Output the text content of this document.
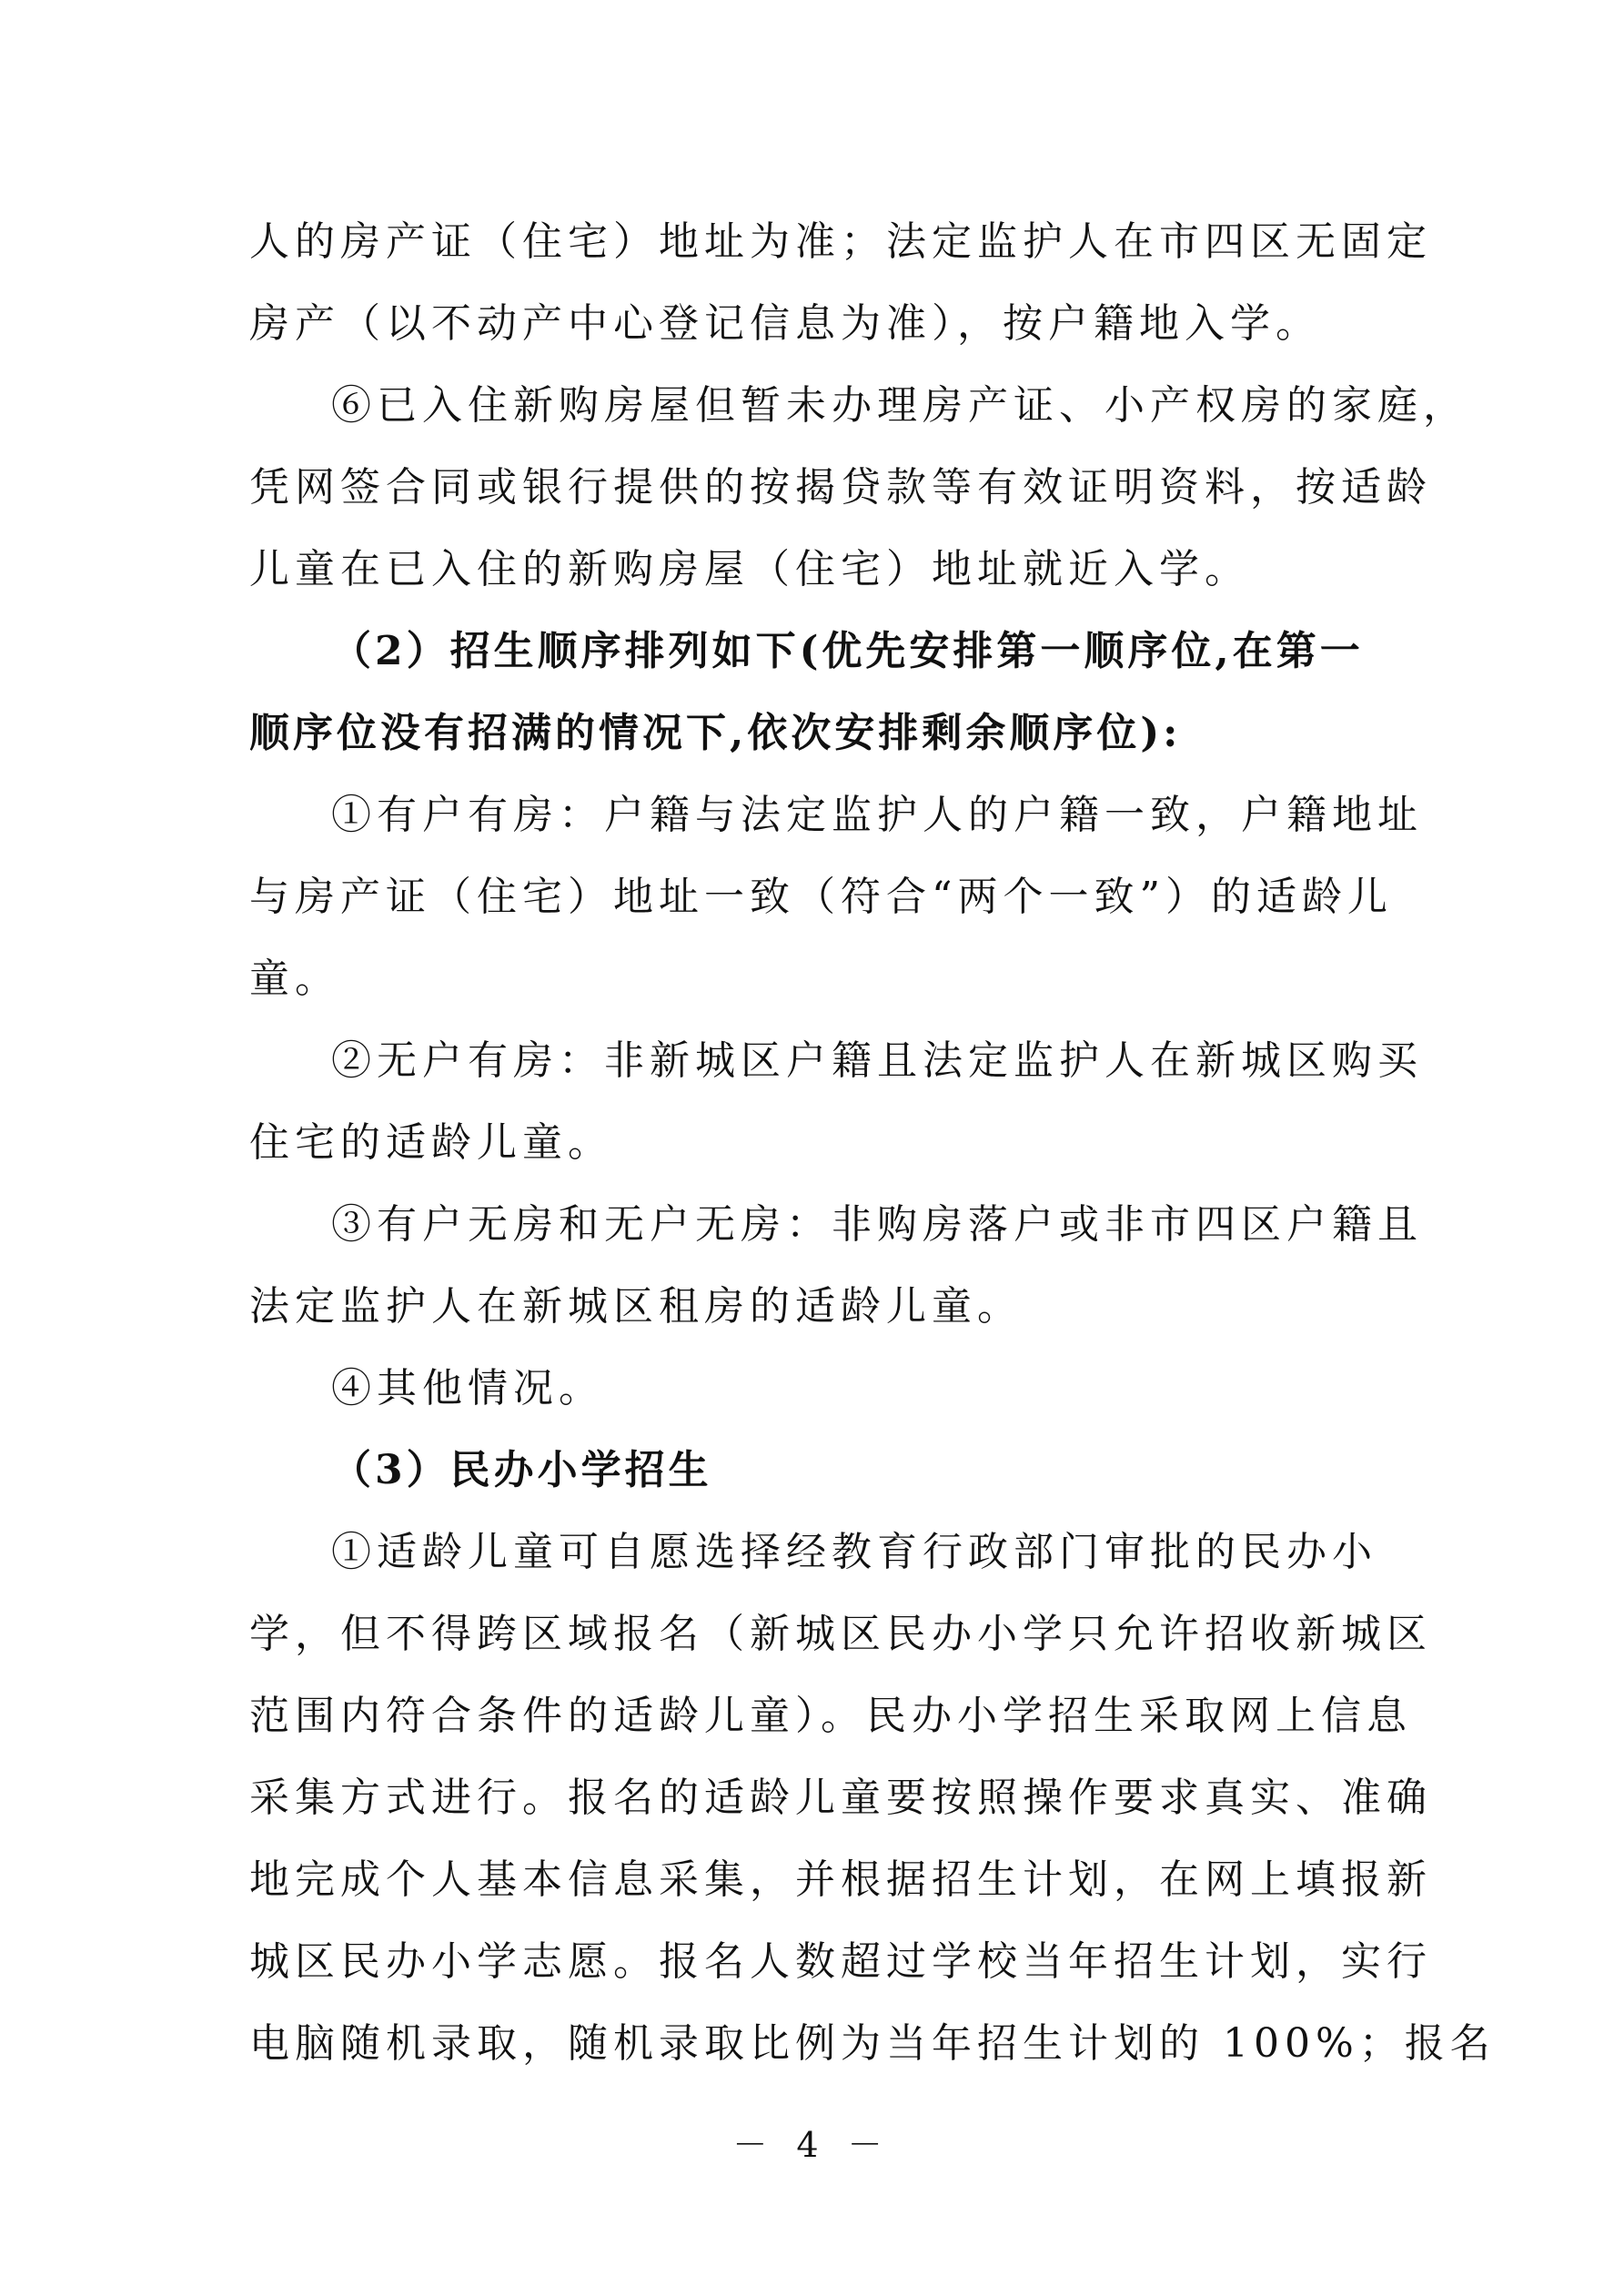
人的房产证（住宅）地址为准；法定监护人在市四区无固定
房产（以不动产中心登记信息为准），按户籍地入学。
⑥已入住新购房屋但暂未办理房产证、小产权房的家庭，
凭网签合同或银行提供的按揭贷款等有效证明资料，按适龄
儿童在已入住的新购房屋（住宅）地址就近入学。
（2）招生顺序排列如下(优先安排第一顺序位,在第一
顺序位没有招满的情况下,依次安排剩余顺序位):
①有户有房：户籍与法定监护人的户籍一致，户籍地址
与房产证（住宅）地址一致（符合“两个一致”）的适龄儿
童。
②无户有房：非新城区户籍且法定监护人在新城区购买
住宅的适龄儿童。
③有户无房和无户无房：非购房落户或非市四区户籍且
法定监护人在新城区租房的适龄儿童。
④其他情况。
（3）民办小学招生
①适龄儿童可自愿选择经教育行政部门审批的民办小
学，但不得跨区域报名（新城区民办小学只允许招收新城区
范围内符合条件的适龄儿童）。民办小学招生采取网上信息
采集方式进行。报名的适龄儿童要按照操作要求真实、准确
地完成个人基本信息采集，并根据招生计划，在网上填报新
城区民办小学志愿。报名人数超过学校当年招生计划，实行
电脑随机录取，随机录取比例为当年招生计划的 100%；报名
－ 4 －
